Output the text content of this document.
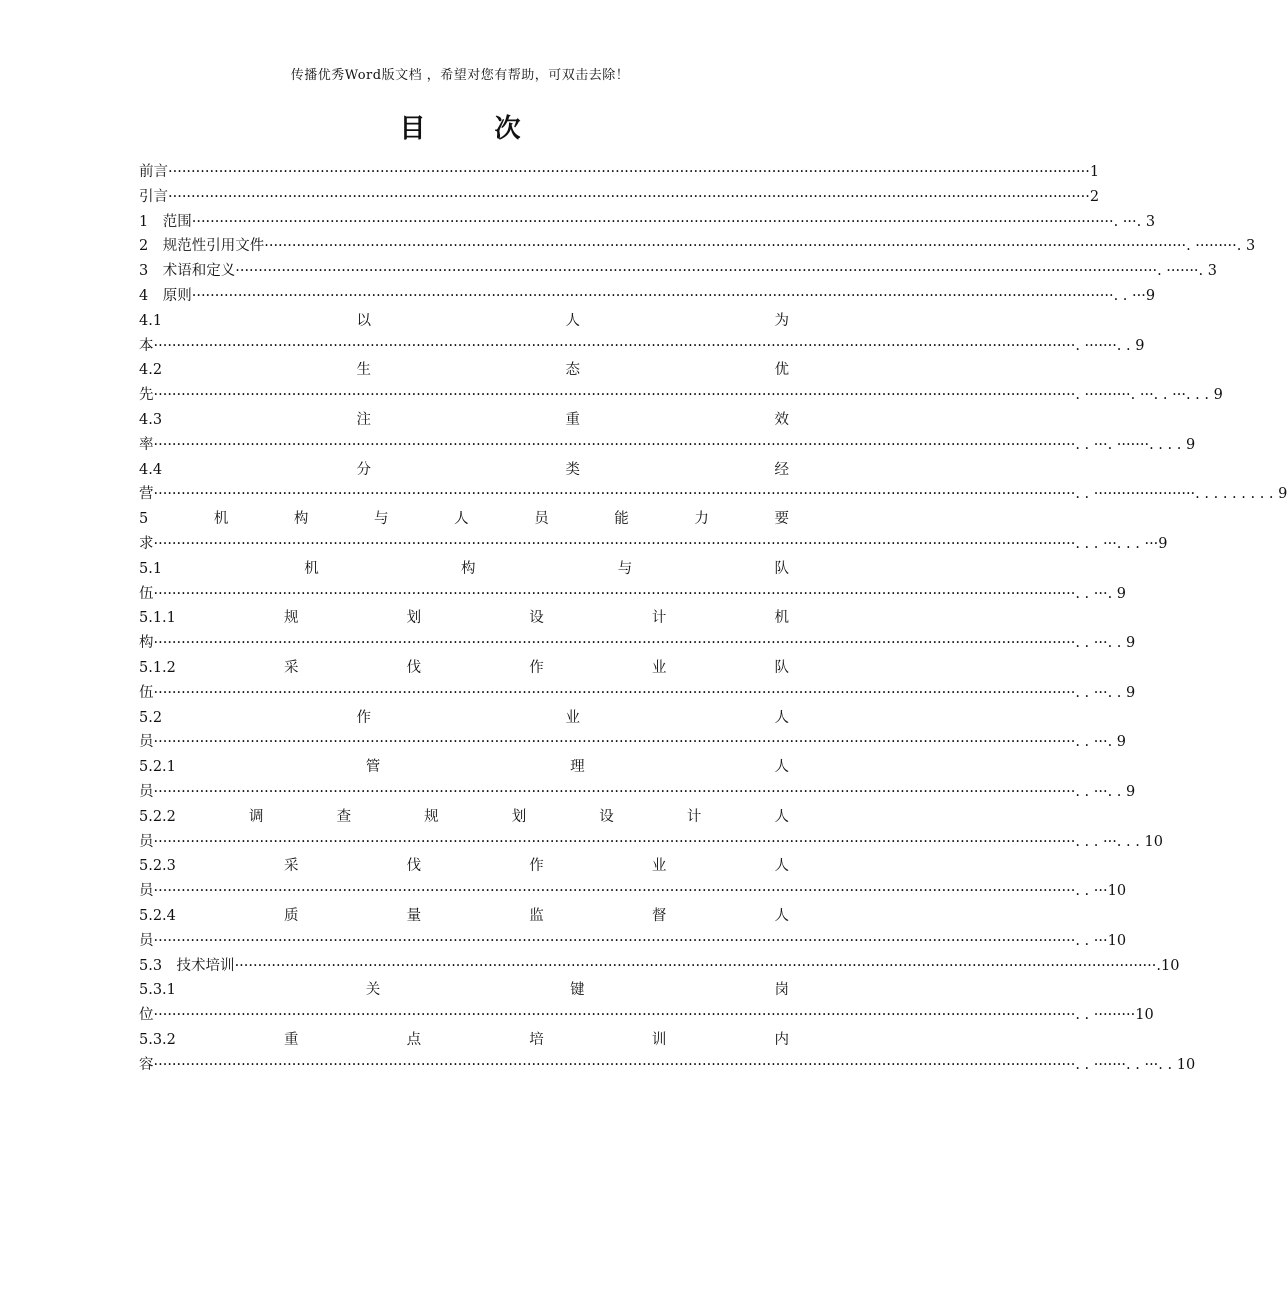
传播优秀Word版文档 ，希望对您有帮助，可双击去除！
目 次
前言 ········································································································································································································ 1
引言 ········································································································································································································ 2
1　范围 ········································································································································································································ . ···. 3
2　规范性引用文件 ········································································································································································································ . ·········. 3
3　术语和定义 ········································································································································································································ . ·······. 3
4　原则 ········································································································································································································ . . ···9
4.1	以	人	为
本 ········································································································································································································ . ·······. . 9
4.2	生	态	优
先 ········································································································································································································ . ··········. ···. . ···. . . 9
4.3	注	重	效
率 ········································································································································································································ . . ···. ·······. . . . 9
4.4	分	类	经
营 ········································································································································································································ . . ······················. . . . . . . . . 9
5	机	构	与	人	员	能	力	要
求 ········································································································································································································ . . . ···. . . ···9
5.1	机	构	与	队
伍 ········································································································································································································ . . ···. 9
5.1.1	规	划	设	计	机
构 ········································································································································································································ . . ···. . 9
5.1.2	采	伐	作	业	队
伍 ········································································································································································································ . . ···. . 9
5.2	作	业	人
员 ········································································································································································································ . . ···. 9
5.2.1	管	理	人
员 ········································································································································································································ . . ···. . 9
5.2.2	调	查	规	划	设	计	人
员 ········································································································································································································ . . . ···. . . 10
5.2.3	采	伐	作	业	人
员 ········································································································································································································ . . ···10
5.2.4	质	量	监	督	人
员 ········································································································································································································ . . ···10
5.3　技术培训 ········································································································································································································ .10
5.3.1	关	键	岗
位 ········································································································································································································ . . ·········10
5.3.2	重	点	培	训	内
容 ········································································································································································································ . . ·······. . ···. . 10
